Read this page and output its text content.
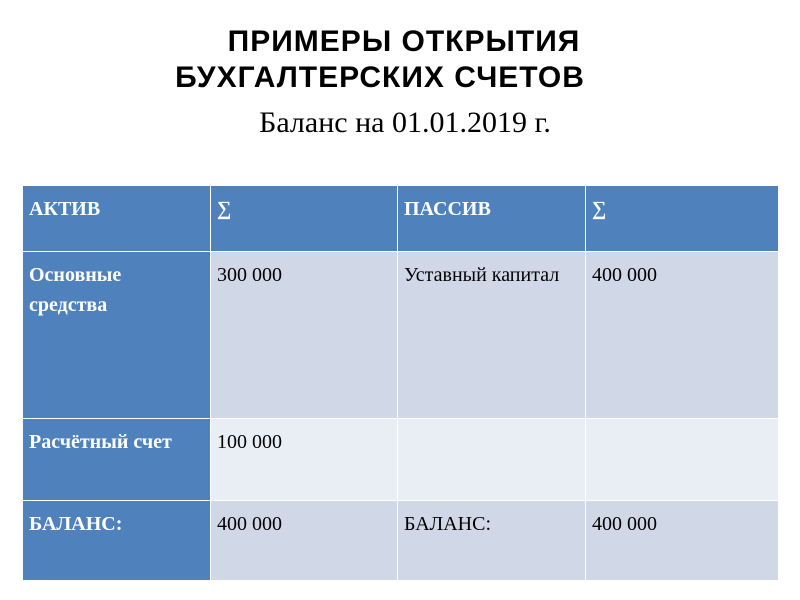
ПРИМЕРЫ ОТКРЫТИЯ
БУХГАЛТЕРСКИХ СЧЕТОВ
Баланс на 01.01.2019 г.
АКТИВ	∑	ПАССИВ	∑
Основные средства	300 000	Уставный капитал	400 000
Расчётный счет	100 000		
БАЛАНС:	400 000	БАЛАНС:	400 000
